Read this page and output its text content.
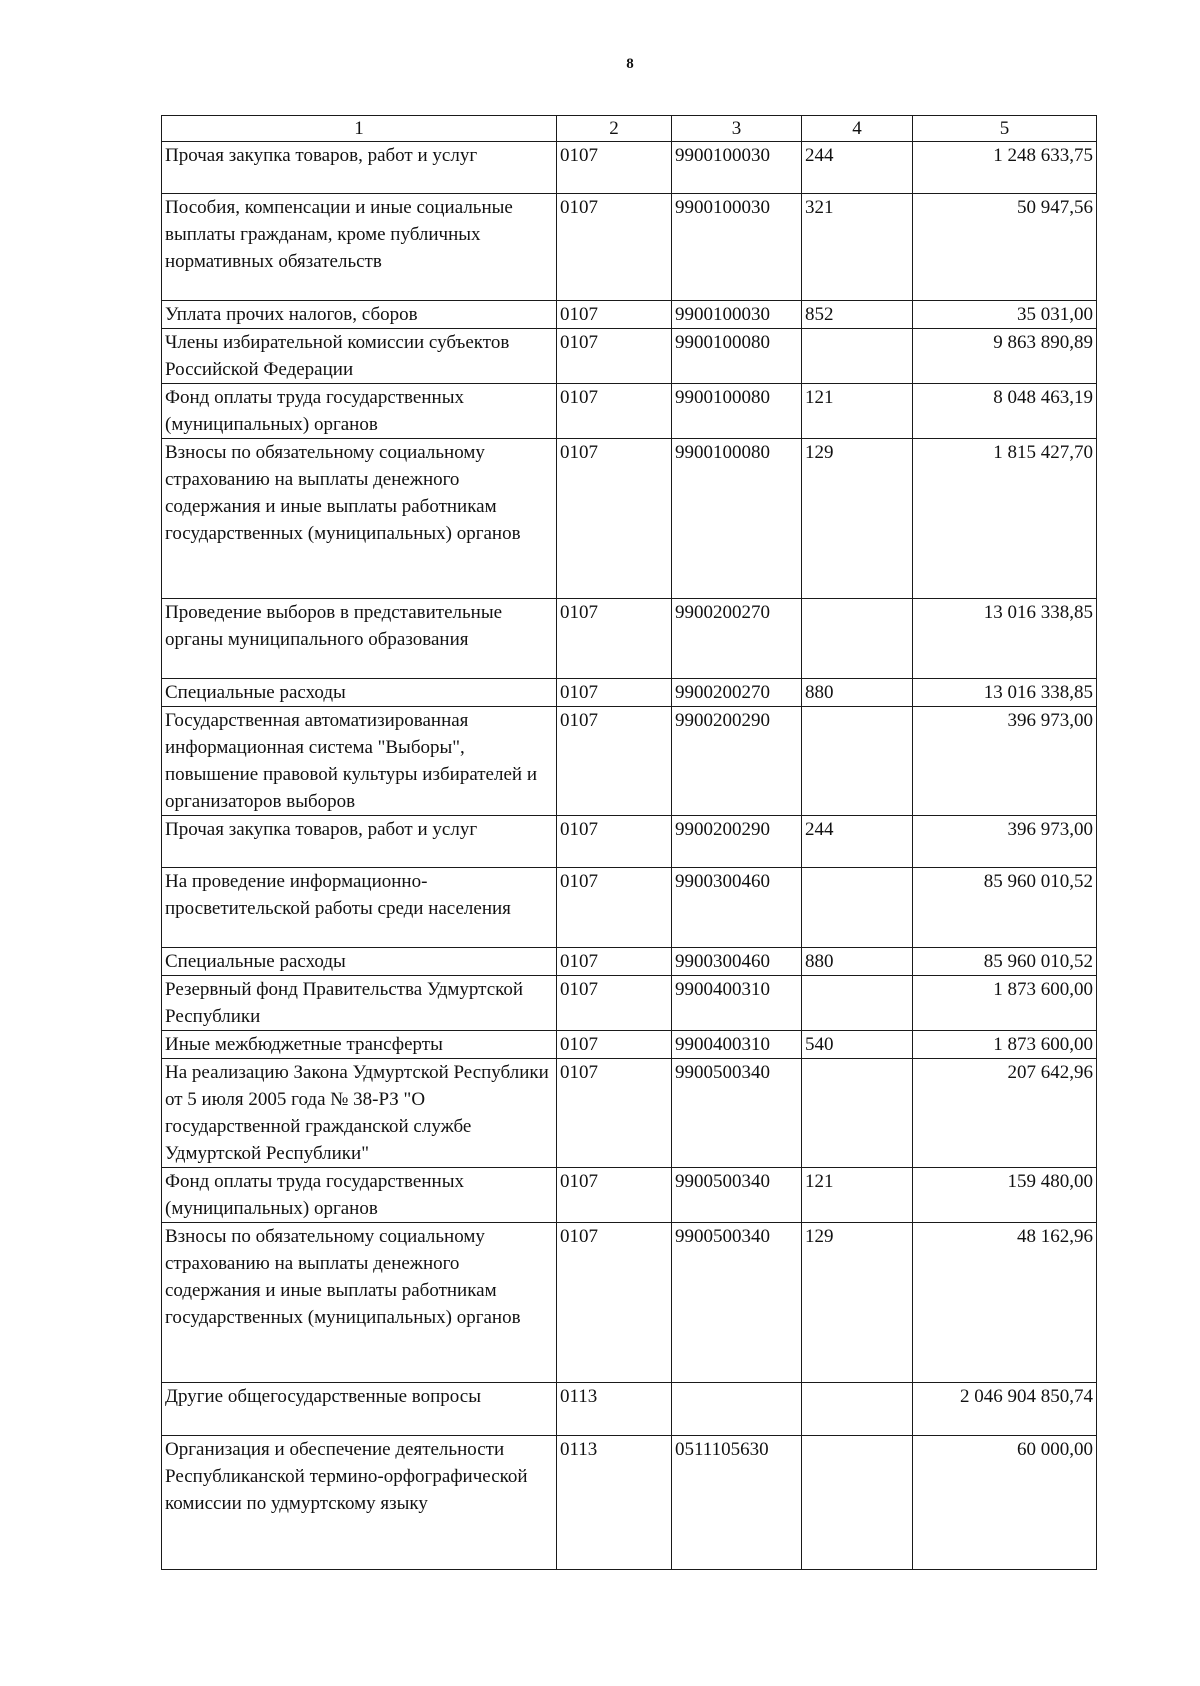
8
1	2	3	4	5
Прочая закупка товаров, работ и услуг	0107	9900100030	244	1 248 633,75
Пособия, компенсации и иные социальные выплаты гражданам, кроме публичных нормативных обязательств	0107	9900100030	321	50 947,56
Уплата прочих налогов, сборов	0107	9900100030	852	35 031,00
Члены избирательной комиссии субъектов Российской Федерации	0107	9900100080		9 863 890,89
Фонд оплаты труда государственных (муниципальных) органов	0107	9900100080	121	8 048 463,19
Взносы по обязательному социальному страхованию на выплаты денежного содержания и иные выплаты работникам государственных (муниципальных) органов	0107	9900100080	129	1 815 427,70
Проведение выборов в представительные органы муниципального образования	0107	9900200270		13 016 338,85
Специальные расходы	0107	9900200270	880	13 016 338,85
Государственная автоматизированная информационная система "Выборы", повышение правовой культуры избирателей и организаторов выборов	0107	9900200290		396 973,00
Прочая закупка товаров, работ и услуг	0107	9900200290	244	396 973,00
На проведение информационно-просветительской работы среди населения	0107	9900300460		85 960 010,52
Специальные расходы	0107	9900300460	880	85 960 010,52
Резервный фонд Правительства Удмуртской Республики	0107	9900400310		1 873 600,00
Иные межбюджетные трансферты	0107	9900400310	540	1 873 600,00
На реализацию Закона Удмуртской Республики от 5 июля 2005 года № 38-РЗ "О государственной гражданской службе Удмуртской Республики"	0107	9900500340		207 642,96
Фонд оплаты труда государственных (муниципальных) органов	0107	9900500340	121	159 480,00
Взносы по обязательному социальному страхованию на выплаты денежного содержания и иные выплаты работникам государственных (муниципальных) органов	0107	9900500340	129	48 162,96
Другие общегосударственные вопросы	0113			2 046 904 850,74
Организация и обеспечение деятельности Республиканской термино-орфографической комиссии по удмуртскому языку	0113	0511105630		60 000,00
